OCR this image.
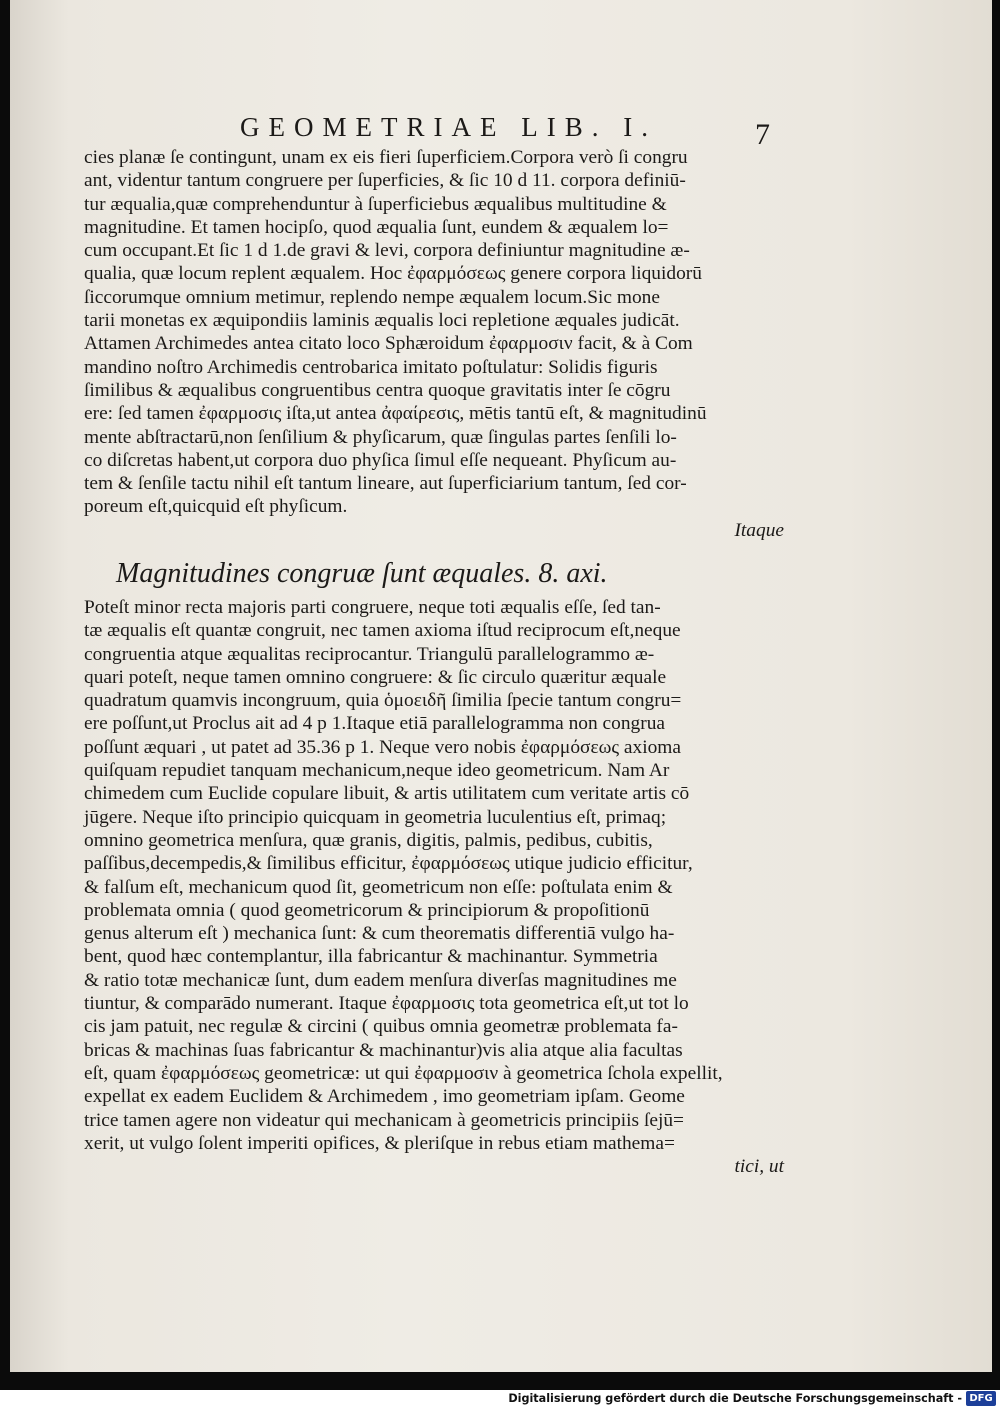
GEOMETRIAE LIB. I.	7
cies planæ ſe contingunt, unam ex eis fieri ſuperficiem.Corpora verò ſi congru
ant, videntur tantum congruere per ſuperficies, & ſic 10 d 11. corpora definiū-
tur æqualia,quæ comprehenduntur à ſuperficiebus æqualibus multitudine &
magnitudine. Et tamen hocipſo, quod æqualia ſunt, eundem & æqualem lo=
cum occupant.Et ſic 1 d 1.de gravi & levi, corpora definiuntur magnitudine æ-
qualia, quæ locum replent æqualem. Hoc ἐφαρμόσεως genere corpora liquidorū
ſiccorumque omnium metimur, replendo nempe æqualem locum.Sic mone
tarii monetas ex æquipondiis laminis æqualis loci repletione æquales judicāt.
Attamen Archimedes antea citato loco Sphæroidum ἐφαρμοσιν facit, & à Com
mandino noſtro Archimedis centrobarica imitato poſtulatur: Solidis figuris
ſimilibus & æqualibus congruentibus centra quoque gravitatis inter ſe cōgru
ere: ſed tamen ἐφαρμοσις iſta,ut antea ἀφαίρεσις, mētis tantū eſt, & magnitudinū
mente abſtractarū,non ſenſilium & phyſicarum, quæ ſingulas partes ſenſili lo-
co diſcretas habent,ut corpora duo phyſica ſimul eſſe nequeant. Phyſicum au-
tem & ſenſile tactu nihil eſt tantum lineare, aut ſuperficiarium tantum, ſed cor-
poreum eſt,quicquid eſt phyſicum.
Itaque
Magnitudines congruæ ſunt æquales. 8. axi.
Poteſt minor recta majoris parti congruere, neque toti æqualis eſſe, ſed tan-
tæ æqualis eſt quantæ congruit, nec tamen axioma iſtud reciprocum eſt,neque
congruentia atque æqualitas reciprocantur. Triangulū parallelogrammo æ-
quari poteſt, neque tamen omnino congruere: & ſic circulo quæritur æquale
quadratum quamvis incongruum, quia ὁμοειδῆ ſimilia ſpecie tantum congru=
ere poſſunt,ut Proclus ait ad 4 p 1.Itaque etiā parallelogramma non congrua
poſſunt æquari , ut patet ad 35.36 p 1. Neque vero nobis ἐφαρμόσεως axioma
quiſquam repudiet tanquam mechanicum,neque ideo geometricum. Nam Ar
chimedem cum Euclide copulare libuit, & artis utilitatem cum veritate artis cō
jūgere. Neque iſto principio quicquam in geometria luculentius eſt, primaq;
omnino geometrica menſura, quæ granis, digitis, palmis, pedibus, cubitis,
paſſibus,decempedis,& ſimilibus efficitur, ἐφαρμόσεως utique judicio efficitur,
& falſum eſt, mechanicum quod ſit, geometricum non eſſe: poſtulata enim &
problemata omnia ( quod geometricorum & principiorum & propoſitionū
genus alterum eſt ) mechanica ſunt: & cum theorematis differentiā vulgo ha-
bent, quod hæc contemplantur, illa fabricantur & machinantur. Symmetria
& ratio totæ mechanicæ ſunt, dum eadem menſura diverſas magnitudines me
tiuntur, & comparādo numerant. Itaque ἐφαρμοσις tota geometrica eſt,ut tot lo
cis jam patuit, nec regulæ & circini ( quibus omnia geometræ problemata fa-
bricas & machinas ſuas fabricantur & machinantur)vis alia atque alia facultas
eſt, quam ἐφαρμόσεως geometricæ: ut qui ἐφαρμοσιν à geometrica ſchola expellit,
expellat ex eadem Euclidem & Archimedem , imo geometriam ipſam. Geome
trice tamen agere non videatur qui mechanicam à geometricis principiis ſejū=
xerit, ut vulgo ſolent imperiti opifices, & pleriſque in rebus etiam mathema=
tici, ut
Digitalisierung gefördert durch die Deutsche Forschungsgemeinschaft - DFG
